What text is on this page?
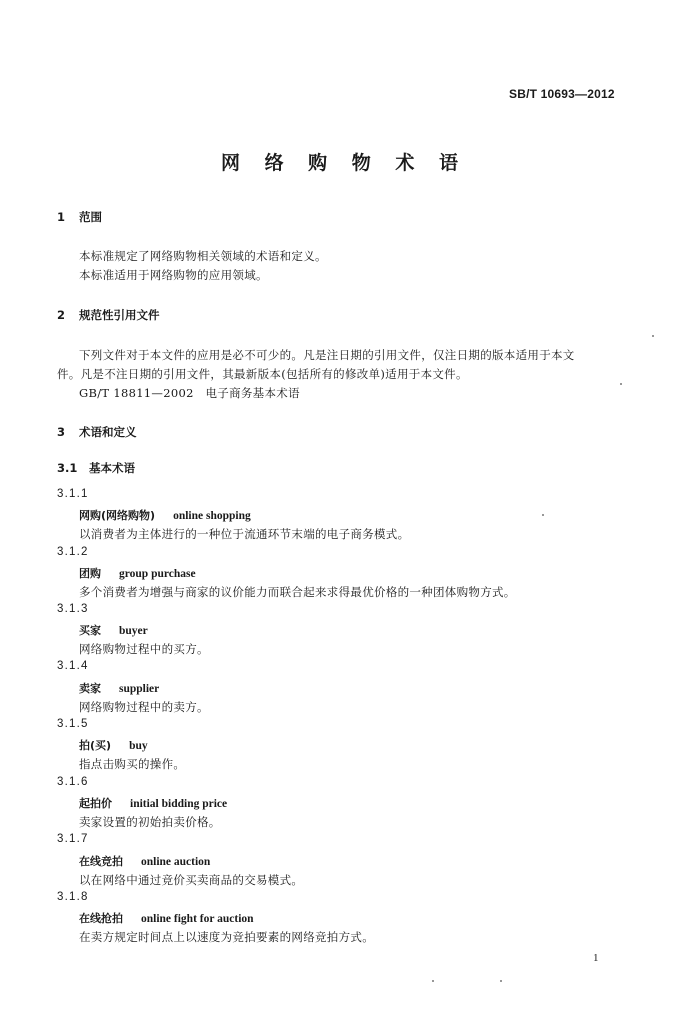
SB/T 10693—2012
网 络 购 物 术 语
1 范围
本标准规定了网络购物相关领域的术语和定义。
本标准适用于网络购物的应用领域。
2 规范性引用文件
下列文件对于本文件的应用是必不可少的。凡是注日期的引用文件，仅注日期的版本适用于本文
件。凡是不注日期的引用文件，其最新版本(包括所有的修改单)适用于本文件。
GB/T 18811—2002　电子商务基本术语
3 术语和定义
3.1 基本术语
3.1.1
网购(网络购物) online shopping
以消费者为主体进行的一种位于流通环节末端的电子商务模式。
3.1.2
团购 group purchase
多个消费者为增强与商家的议价能力而联合起来求得最优价格的一种团体购物方式。
3.1.3
买家 buyer
网络购物过程中的买方。
3.1.4
卖家 supplier
网络购物过程中的卖方。
3.1.5
拍(买) buy
指点击购买的操作。
3.1.6
起拍价 initial bidding price
卖家设置的初始拍卖价格。
3.1.7
在线竞拍 online auction
以在网络中通过竞价买卖商品的交易模式。
3.1.8
在线抢拍 online fight for auction
在卖方规定时间点上以速度为竞拍要素的网络竞拍方式。
1
